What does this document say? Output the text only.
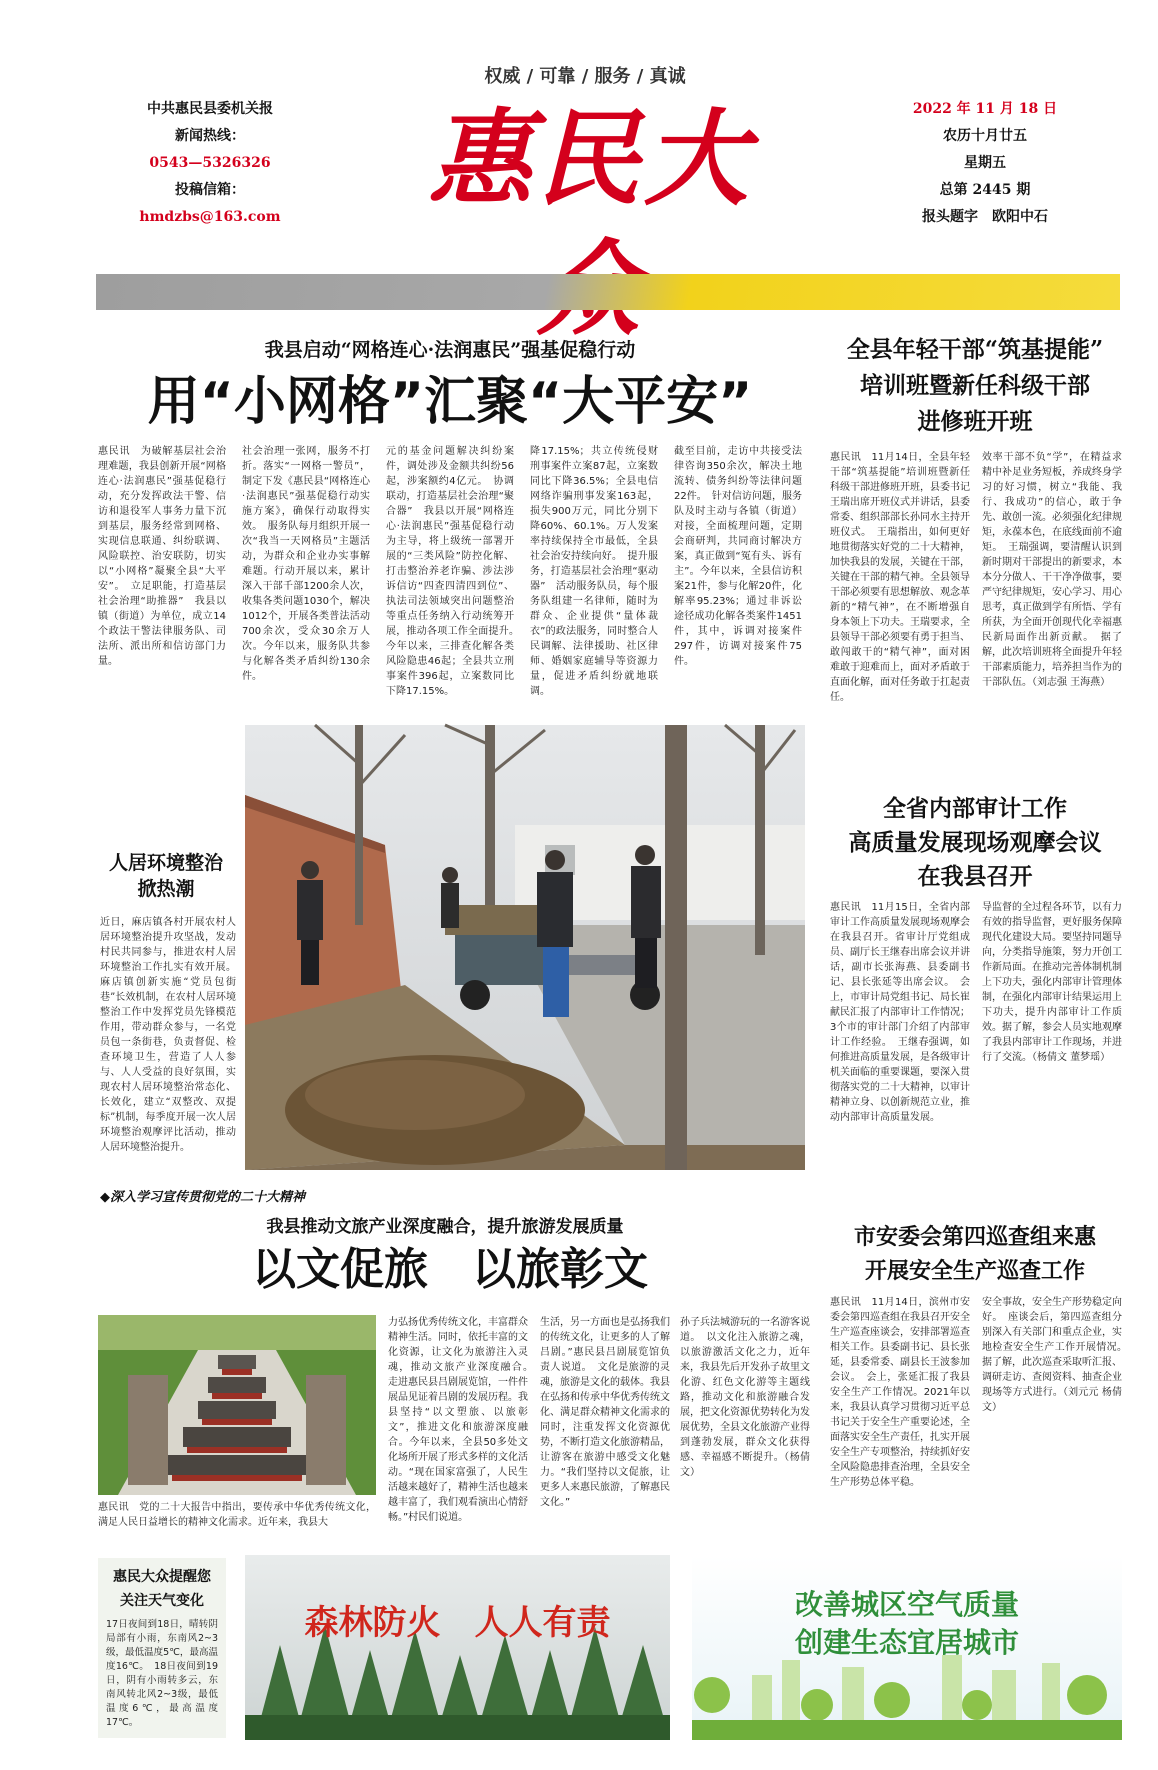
权威 / 可靠 / 服务 / 真诚
中共惠民县委机关报
新闻热线：
0543—5326326
投稿信箱：
hmdzbs@163.com 惠民大	2022 年 11 月 18 日
农历十月廿五
星期五
总第 2445 期
报头题字　欧阳中石
我县启动“网格连心·法润惠民”强基促稳行动
用“小网格”汇聚“大平安”
惠民讯　为破解基层社会治理难题，我县创新开展“网格连心·法润惠民”强基促稳行动，充分发挥政法干警、信访和退役军人事务力量下沉到基层，服务经常到网格、实现信息联通、纠纷联调、风险联控、治安联防，切实以“小网格”凝聚全县“大平安”。　立足职能，打造基层社会治理“助推器”　我县以镇（街道）为单位，成立14个政法干警法律服务队、司法所、派出所和信访部门力量。
社会治理一张网，服务不打折。落实“一网格一警员”，制定下发《惠民县“网格连心·法润惠民”强基促稳行动实施方案》，确保行动取得实效。　服务队每月组织开展一次“我当一天网格员”主题活动，为群众和企业办实事解难题。行动开展以来，累计深入干部千部1200余人次，收集各类问题1030个，解决1012个，开展各类普法活动700余次，受众30余万人次。今年以来，服务队共参与化解各类矛盾纠纷130余件。
元的基金问题解决纠纷案件，调处涉及金额共纠纷56起，涉案额约4亿元。　协调联动，打造基层社会治理“聚合器”　我县以开展“网格连心·法润惠民”强基促稳行动为主导，将上级统一部署开展的“三类风险”防控化解、打击整治养老诈骗、涉法涉诉信访“四查四清四到位”、执法司法领域突出问题整治等重点任务纳入行动统筹开展，推动各项工作全面提升。　今年以来，三排查化解各类风险隐患46起；全县共立刑事案件396起，立案数同比下降17.15%。
降17.15%；共立传统侵财刑事案件立案87起，立案数同比下降36.5%；全县电信网络诈骗刑事发案163起，损失900万元，同比分别下降60%、60.1%。万人发案率持续保持全市最低，全县社会治安持续向好。　提升服务，打造基层社会治理“驱动器”　活动服务队员，每个服务队组建一名律师，随时为群众、企业提供“量体裁衣”的政法服务，同时整合人民调解、法律援助、社区律师、婚姻家庭辅导等资源力量，促进矛盾纠纷就地联调。
截至目前，走访中共接受法律咨询350余次，解决土地流转、债务纠纷等法律问题22件。　针对信访问题，服务队及时主动与各镇（街道）对接，全面梳理问题，定期会商研判，共同商讨解决方案，真正做到“冤有头、诉有主”。今年以来，全县信访积案21件，参与化解20件，化解率95.23%；通过非诉讼途径成功化解各类案件1451件，其中，诉调对接案件297件，访调对接案件75件。
全县年轻干部“筑基提能”
培训班暨新任科级干部
进修班开班
惠民讯　11月14日，全县年轻干部“筑基提能”培训班暨新任科级干部进修班开班，县委书记王瑞出席开班仪式并讲话，县委常委、组织部部长孙同水主持开班仪式。　王瑞指出，如何更好地贯彻落实好党的二十大精神，加快我县的发展，关键在干部，关键在干部的精气神。全县领导干部必须要有思想解放、观念革新的“精气神”，在不断增强自身本领上下功夫。王瑞要求，全县领导干部必须要有勇于担当、敢闯敢干的“精气神”，面对困难敢于迎难而上，面对矛盾敢于直面化解，面对任务敢于扛起责任。
效率干部不负“学”，在精益求精中补足业务短板，养成终身学习的好习惯，树立“我能、我行、我成功”的信心，敢于争先、敢创一流。必须强化纪律规矩，永葆本色，在底线面前不逾矩。　王瑞强调，要清醒认识到新时期对干部提出的新要求，本本分分做人、干干净净做事，要严守纪律规矩，安心学习、用心思考，真正做到学有所悟、学有所获，为全面开创现代化幸福惠民新局面作出新贡献。　据了解，此次培训班将全面提升年轻干部素质能力，培养担当作为的干部队伍。（刘志强 王海燕）
人居环境整治
掀热潮
近日，麻店镇各村开展农村人居环境整治提升攻坚战，发动村民共同参与，推进农村人居环境整治工作扎实有效开展。麻店镇创新实施“党员包街巷”长效机制，在农村人居环境整治工作中发挥党员先锋模范作用，带动群众参与，一名党员包一条街巷，负责督促、检查环境卫生，营造了人人参与、人人受益的良好氛围，实现农村人居环境整治常态化、长效化，建立“双整改、双提标”机制，每季度开展一次人居环境整治观摩评比活动，推动人居环境整治提升。
全省内部审计工作
高质量发展现场观摩会议
在我县召开
惠民讯　11月15日，全省内部审计工作高质量发展现场观摩会在我县召开。省审计厅党组成员、副厅长王继春出席会议并讲话，副市长张海燕、县委副书记、县长张延等出席会议。　会上，市审计局党组书记、局长崔献民汇报了内部审计工作情况；3个市的审计部门介绍了内部审计工作经验。　王继春强调，如何推进高质量发展，是各级审计机关面临的重要课题，要深入贯彻落实党的二十大精神，以审计精神立身、以创新规范立业，推动内部审计高质量发展。
导监督的全过程各环节，以有力有效的指导监督，更好服务保障现代化建设大局。要坚持同题导向，分类指导施策，努力开创工作新局面。在推动完善体制机制上下功夫，强化内部审计管理体制，在强化内部审计结果运用上下功夫，提升内部审计工作质效。据了解，参会人员实地观摩了我县内部审计工作现场，并进行了交流。（杨倩文 董梦瑶）
◆深入学习宣传贯彻党的二十大精神
我县推动文旅产业深度融合，提升旅游发展质量
以文促旅　以旅彰文
惠民讯　党的二十大报告中指出，要传承中华优秀传统文化，满足人民日益增长的精神文化需求。近年来，我县大
力弘扬优秀传统文化，丰富群众精神生活。同时，依托丰富的文化资源，让文化为旅游注入灵魂，推动文旅产业深度融合。　走进惠民县吕剧展览馆，一件件展品见证着吕剧的发展历程。我县坚持“以文塑旅、以旅彰文”，推进文化和旅游深度融合。今年以来，全县50多处文化场所开展了形式多样的文化活动。“现在国家富强了，人民生活越来越好了，精神生活也越来越丰富了，我们观看演出心情舒畅。”村民们说道。
生活，另一方面也是弘扬我们的传统文化，让更多的人了解吕剧。”惠民县吕剧展览馆负责人说道。　文化是旅游的灵魂，旅游是文化的载体。我县在弘扬和传承中华优秀传统文化、满足群众精神文化需求的同时，注重发挥文化资源优势，不断打造文化旅游精品，让游客在旅游中感受文化魅力。“我们坚持以文促旅，让更多人来惠民旅游，了解惠民文化。”
孙子兵法城游玩的一名游客说道。　以文化注入旅游之魂，以旅游激活文化之力，近年来，我县先后开发孙子故里文化游、红色文化游等主题线路，推动文化和旅游融合发展，把文化资源优势转化为发展优势，全县文化旅游产业得到蓬勃发展，群众文化获得感、幸福感不断提升。（杨倩文）
市安委会第四巡查组来惠
开展安全生产巡查工作
惠民讯　11月14日，滨州市安委会第四巡查组在我县召开安全生产巡查座谈会，安排部署巡查相关工作。县委副书记、县长张延，县委常委、副县长王波参加会议。　会上，张延汇报了我县安全生产工作情况。2021年以来，我县认真学习贯彻习近平总书记关于安全生产重要论述，全面落实安全生产责任，扎实开展安全生产专项整治，持续抓好安全风险隐患排查治理，全县安全生产形势总体平稳。
安全事故，安全生产形势稳定向好。　座谈会后，第四巡查组分别深入有关部门和重点企业，实地检查安全生产工作开展情况。　据了解，此次巡查采取听汇报、调研走访、查阅资料、抽查企业现场等方式进行。（刘元元 杨倩文）
惠民大众提醒您
关注天气变化
17日夜间到18日，晴转阴局部有小雨，东南风2~3级，最低温度5℃，最高温度16℃。　18日夜间到19日，阴有小雨转多云，东南风转北风2~3级，最低温度6℃，最高温度17℃。
森林防火　人人有责	改善城区空气质量
创建生态宜居城市
